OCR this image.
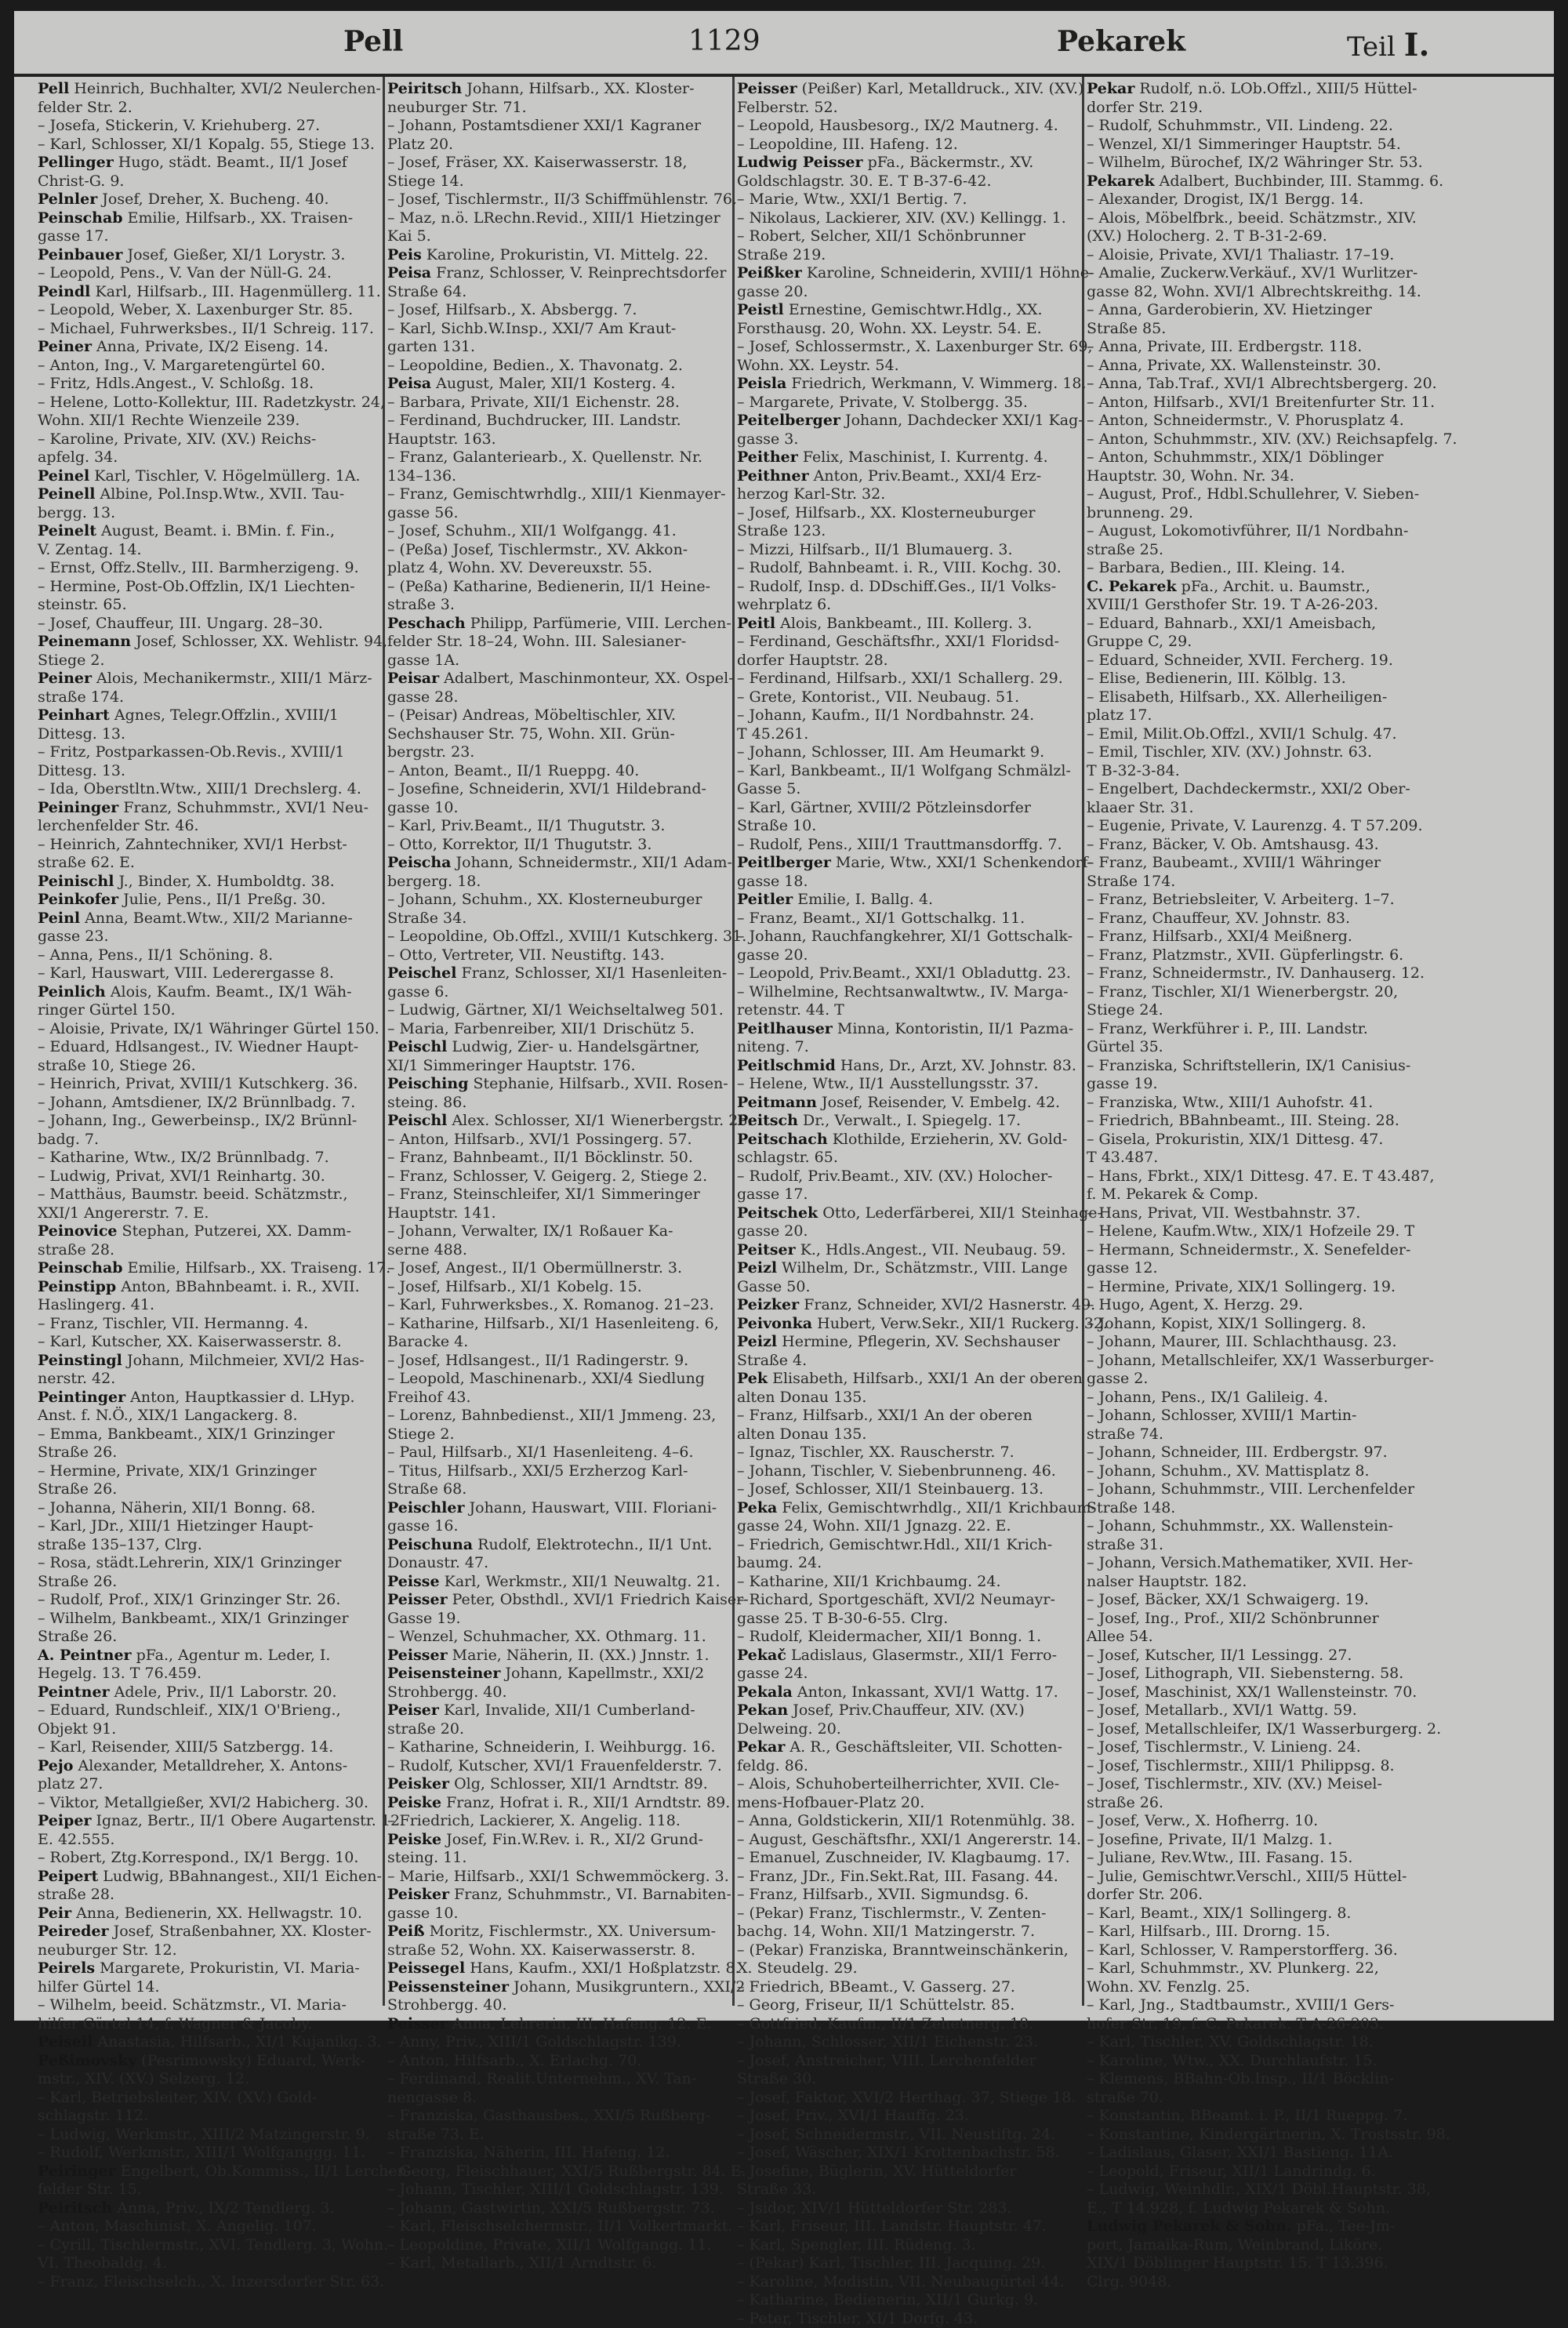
Pell	1129	Pekarek	Teil I.
Pell Heinrich, Buchhalter, XVI/2 Neulerchen-
felder Str. 2.
– Josefa, Stickerin, V. Kriehuberg. 27.
– Karl, Schlosser, XI/1 Kopalg. 55, Stiege 13.
Pellinger Hugo, städt. Beamt., II/1 Josef
Christ-G. 9.
Pelnler Josef, Dreher, X. Bucheng. 40.
Peinschab Emilie, Hilfsarb., XX. Traisen-
gasse 17.
Peinbauer Josef, Gießer, XI/1 Lorystr. 3.
– Leopold, Pens., V. Van der Nüll-G. 24.
Peindl Karl, Hilfsarb., III. Hagenmüllerg. 11.
– Leopold, Weber, X. Laxenburger Str. 85.
– Michael, Fuhrwerksbes., II/1 Schreig. 117.
Peiner Anna, Private, IX/2 Eiseng. 14.
– Anton, Ing., V. Margaretengürtel 60.
– Fritz, Hdls.Angest., V. Schloßg. 18.
– Helene, Lotto-Kollektur, III. Radetzkystr. 24,
Wohn. XII/1 Rechte Wienzeile 239.
– Karoline, Private, XIV. (XV.) Reichs-
apfelg. 34.
Peinel Karl, Tischler, V. Högelmüllerg. 1A.
Peinell Albine, Pol.Insp.Wtw., XVII. Tau-
bergg. 13.
Peinelt August, Beamt. i. BMin. f. Fin.,
V. Zentag. 14.
– Ernst, Offz.Stellv., III. Barmherzigeng. 9.
– Hermine, Post-Ob.Offzlin, IX/1 Liechten-
steinstr. 65.
– Josef, Chauffeur, III. Ungarg. 28–30.
Peinemann Josef, Schlosser, XX. Wehlistr. 94,
Stiege 2.
Peiner Alois, Mechanikermstr., XIII/1 März-
straße 174.
Peinhart Agnes, Telegr.Offzlin., XVIII/1
Dittesg. 13.
– Fritz, Postparkassen-Ob.Revis., XVIII/1
Dittesg. 13.
– Ida, Oberstltn.Wtw., XIII/1 Drechslerg. 4.
Peininger Franz, Schuhmmstr., XVI/1 Neu-
lerchenfelder Str. 46.
– Heinrich, Zahntechniker, XVI/1 Herbst-
straße 62. E.
Peinischl J., Binder, X. Humboldtg. 38.
Peinkofer Julie, Pens., II/1 Preßg. 30.
Peinl Anna, Beamt.Wtw., XII/2 Marianne-
gasse 23.
– Anna, Pens., II/1 Schöning. 8.
– Karl, Hauswart, VIII. Lederergasse 8.
Peinlich Alois, Kaufm. Beamt., IX/1 Wäh-
ringer Gürtel 150.
– Aloisie, Private, IX/1 Währinger Gürtel 150.
– Eduard, Hdlsangest., IV. Wiedner Haupt-
straße 10, Stiege 26.
– Heinrich, Privat, XVIII/1 Kutschkerg. 36.
– Johann, Amtsdiener, IX/2 Brünnlbadg. 7.
– Johann, Ing., Gewerbeinsp., IX/2 Brünnl-
badg. 7.
– Katharine, Wtw., IX/2 Brünnlbadg. 7.
– Ludwig, Privat, XVI/1 Reinhartg. 30.
– Matthäus, Baumstr. beeid. Schätzmstr.,
XXI/1 Angererstr. 7. E.
Peinovice Stephan, Putzerei, XX. Damm-
straße 28.
Peinschab Emilie, Hilfsarb., XX. Traiseng. 17.
Peinstipp Anton, BBahnbeamt. i. R., XVII.
Haslingerg. 41.
– Franz, Tischler, VII. Hermanng. 4.
– Karl, Kutscher, XX. Kaiserwasserstr. 8.
Peinstingl Johann, Milchmeier, XVI/2 Has-
nerstr. 42.
Peintinger Anton, Hauptkassier d. LHyp.
Anst. f. N.Ö., XIX/1 Langackerg. 8.
– Emma, Bankbeamt., XIX/1 Grinzinger
Straße 26.
– Hermine, Private, XIX/1 Grinzinger
Straße 26.
– Johanna, Näherin, XII/1 Bonng. 68.
– Karl, JDr., XIII/1 Hietzinger Haupt-
straße 135–137, Clrg.
– Rosa, städt.Lehrerin, XIX/1 Grinzinger
Straße 26.
– Rudolf, Prof., XIX/1 Grinzinger Str. 26.
– Wilhelm, Bankbeamt., XIX/1 Grinzinger
Straße 26.
A. Peintner pFa., Agentur m. Leder, I.
Hegelg. 13. T 76.459.
Peintner Adele, Priv., II/1 Laborstr. 20.
– Eduard, Rundschleif., XIX/1 O'Brieng.,
Objekt 91.
– Karl, Reisender, XIII/5 Satzbergg. 14.
Pejo Alexander, Metalldreher, X. Antons-
platz 27.
– Viktor, Metallgießer, XVI/2 Habicherg. 30.
Peiper Ignaz, Bertr., II/1 Obere Augartenstr. 12.
E. 42.555.
– Robert, Ztg.Korrespond., IX/1 Bergg. 10.
Peipert Ludwig, BBahnangest., XII/1 Eichen-
straße 28.
Peir Anna, Bedienerin, XX. Hellwagstr. 10.
Peireder Josef, Straßenbahner, XX. Kloster-
neuburger Str. 12.
Peirels Margarete, Prokuristin, VI. Maria-
hilfer Gürtel 14.
– Wilhelm, beeid. Schätzmstr., VI. Maria-
hilfer Gürtel 14, f. Wagner & Jacoby.
Peiseil Anastasia, Hilfsarb., XI/1 Kujanikg. 3.
Peßimovsky (Pesrimowsky) Eduard, Werk-
mstr., XIV. (XV.) Selzerg. 12.
– Karl, Betriebsleiter, XIV. (XV.) Gold-
schlagstr. 112.
– Ludwig, Werkmstr., XIII/2 Matzingerstr. 9.
– Rudolf, Werkmstr., XIII/1 Wolfganggg. 11.
Peiringer Engelbert, Ob.Kommiss., II/1 Lerchen-
felder Str. 15.
Peiritsch Anna, Priv., IX/2 Tendlerg. 3.
– Anton, Maschinist, X. Angelig. 107.
– Cyrill, Tischlermstr., XVI. Tendlerg. 3, Wohn.
VI. Theobaldg. 4.
– Franz, Fleischselch., X. Inzersdorfer Str. 63.
Peiritsch Johann, Hilfsarb., XX. Kloster-
neuburger Str. 71.
– Johann, Postamtsdiener XXI/1 Kagraner
Platz 20.
– Josef, Fräser, XX. Kaiserwasserstr. 18,
Stiege 14.
– Josef, Tischlermstr., II/3 Schiffmühlenstr. 76.
– Maz, n.ö. LRechn.Revid., XIII/1 Hietzinger
Kai 5.
Peis Karoline, Prokuristin, VI. Mittelg. 22.
Peisa Franz, Schlosser, V. Reinprechtsdorfer
Straße 64.
– Josef, Hilfsarb., X. Absbergg. 7.
– Karl, Sichb.W.Insp., XXI/7 Am Kraut-
garten 131.
– Leopoldine, Bedien., X. Thavonatg. 2.
Peisa August, Maler, XII/1 Kosterg. 4.
– Barbara, Private, XII/1 Eichenstr. 28.
– Ferdinand, Buchdrucker, III. Landstr.
Hauptstr. 163.
– Franz, Galanteriearb., X. Quellenstr. Nr.
134–136.
– Franz, Gemischtwrhdlg., XIII/1 Kienmayer-
gasse 56.
– Josef, Schuhm., XII/1 Wolfgangg. 41.
– (Peßa) Josef, Tischlermstr., XV. Akkon-
platz 4, Wohn. XV. Devereuxstr. 55.
– (Peßa) Katharine, Bedienerin, II/1 Heine-
straße 3.
Peschach Philipp, Parfümerie, VIII. Lerchen-
felder Str. 18–24, Wohn. III. Salesianer-
gasse 1A.
Peisar Adalbert, Maschinmonteur, XX. Ospel-
gasse 28.
– (Peisar) Andreas, Möbeltischler, XIV.
Sechshauser Str. 75, Wohn. XII. Grün-
bergstr. 23.
– Anton, Beamt., II/1 Rueppg. 40.
– Josefine, Schneiderin, XVI/1 Hildebrand-
gasse 10.
– Karl, Priv.Beamt., II/1 Thugutstr. 3.
– Otto, Korrektor, II/1 Thugutstr. 3.
Peischa Johann, Schneidermstr., XII/1 Adam-
bergerg. 18.
– Johann, Schuhm., XX. Klosterneuburger
Straße 34.
– Leopoldine, Ob.Offzl., XVIII/1 Kutschkerg. 31.
– Otto, Vertreter, VII. Neustiftg. 143.
Peischel Franz, Schlosser, XI/1 Hasenleiten-
gasse 6.
– Ludwig, Gärtner, XI/1 Weichseltalweg 501.
– Maria, Farbenreiber, XII/1 Drischütz 5.
Peischl Ludwig, Zier- u. Handelsgärtner,
XI/1 Simmeringer Hauptstr. 176.
Peisching Stephanie, Hilfsarb., XVII. Rosen-
steing. 86.
Peischl Alex. Schlosser, XI/1 Wienerbergstr. 26.
– Anton, Hilfsarb., XVI/1 Possingerg. 57.
– Franz, Bahnbeamt., II/1 Böcklinstr. 50.
– Franz, Schlosser, V. Geigerg. 2, Stiege 2.
– Franz, Steinschleifer, XI/1 Simmeringer
Hauptstr. 141.
– Johann, Verwalter, IX/1 Roßauer Ka-
serne 488.
– Josef, Angest., II/1 Obermüllnerstr. 3.
– Josef, Hilfsarb., XI/1 Kobelg. 15.
– Karl, Fuhrwerksbes., X. Romanog. 21–23.
– Katharine, Hilfsarb., XI/1 Hasenleiteng. 6,
Baracke 4.
– Josef, Hdlsangest., II/1 Radingerstr. 9.
– Leopold, Maschinenarb., XXI/4 Siedlung
Freihof 43.
– Lorenz, Bahnbedienst., XII/1 Jmmeng. 23,
Stiege 2.
– Paul, Hilfsarb., XI/1 Hasenleiteng. 4–6.
– Titus, Hilfsarb., XXI/5 Erzherzog Karl-
Straße 68.
Peischler Johann, Hauswart, VIII. Floriani-
gasse 16.
Peischuna Rudolf, Elektrotechn., II/1 Unt.
Donaustr. 47.
Peisse Karl, Werkmstr., XII/1 Neuwaltg. 21.
Peisser Peter, Obsthdl., XVI/1 Friedrich Kaiser-
Gasse 19.
– Wenzel, Schuhmacher, XX. Othmarg. 11.
Peisser Marie, Näherin, II. (XX.) Jnnstr. 1.
Peisensteiner Johann, Kapellmstr., XXI/2
Strohbergg. 40.
Peiser Karl, Invalide, XII/1 Cumberland-
straße 20.
– Katharine, Schneiderin, I. Weihburgg. 16.
– Rudolf, Kutscher, XVI/1 Frauenfelderstr. 7.
Peisker Olg, Schlosser, XII/1 Arndtstr. 89.
Peiske Franz, Hofrat i. R., XII/1 Arndtstr. 89.
– Friedrich, Lackierer, X. Angelig. 118.
Peiske Josef, Fin.W.Rev. i. R., XI/2 Grund-
steing. 11.
– Marie, Hilfsarb., XXI/1 Schwemmöckerg. 3.
Peisker Franz, Schuhmmstr., VI. Barnabiten-
gasse 10.
Peiß Moritz, Fischlermstr., XX. Universum-
straße 52, Wohn. XX. Kaiserwasserstr. 8.
Peissegel Hans, Kaufm., XXI/1 Hoßplatzstr. 8.
Peissensteiner Johann, Musikgruntern., XXI/2
Strohbergg. 40.
Peisser Anna, Lehrerin, III. Hafeng. 12. E.
– Anny, Priv., XIII/1 Goldschlagstr. 139.
– Anton, Hilfsarb., X. Erlachg. 70.
– Ferdinand, Realit.Unternehm., XV. Tan-
nengasse 8.
– Franziska, Gasthausbes., XXI/5 Rußberg-
straße 73. E.
– Franziska, Näherin, III. Hafeng. 12.
– Georg, Fleischhauer, XXI/5 Rußbergstr. 84. E.
– Johann, Tischler, XIII/1 Goldschlagstr. 139.
– Johann, Gastwirtin, XXI/5 Rußbergstr. 73.
– Karl, Fleischselchermstr., II/1 Volkertmarkt.
– Leopoldine, Private, XII/1 Wolfgangg. 11.
– Karl, Metallarb., XII/1 Arndtstr. 6.
Peisser (Peißer) Karl, Metalldruck., XIV. (XV.)
Felberstr. 52.
– Leopold, Hausbesorg., IX/2 Mautnerg. 4.
– Leopoldine, III. Hafeng. 12.
Ludwig Peisser pFa., Bäckermstr., XV.
Goldschlagstr. 30. E. T B-37-6-42.
– Marie, Wtw., XXI/1 Bertig. 7.
– Nikolaus, Lackierer, XIV. (XV.) Kellingg. 1.
– Robert, Selcher, XII/1 Schönbrunner
Straße 219.
Peißker Karoline, Schneiderin, XVIII/1 Höhne-
gasse 20.
Peistl Ernestine, Gemischtwr.Hdlg., XX.
Forsthausg. 20, Wohn. XX. Leystr. 54. E.
– Josef, Schlossermstr., X. Laxenburger Str. 69,
Wohn. XX. Leystr. 54.
Peisla Friedrich, Werkmann, V. Wimmerg. 18.
– Margarete, Private, V. Stolbergg. 35.
Peitelberger Johann, Dachdecker XXI/1 Kag-
gasse 3.
Peither Felix, Maschinist, I. Kurrentg. 4.
Peithner Anton, Priv.Beamt., XXI/4 Erz-
herzog Karl-Str. 32.
– Josef, Hilfsarb., XX. Klosterneuburger
Straße 123.
– Mizzi, Hilfsarb., II/1 Blumauerg. 3.
– Rudolf, Bahnbeamt. i. R., VIII. Kochg. 30.
– Rudolf, Insp. d. DDschiff.Ges., II/1 Volks-
wehrplatz 6.
Peitl Alois, Bankbeamt., III. Kollerg. 3.
– Ferdinand, Geschäftsfhr., XXI/1 Floridsd-
dorfer Hauptstr. 28.
– Ferdinand, Hilfsarb., XXI/1 Schallerg. 29.
– Grete, Kontorist., VII. Neubaug. 51.
– Johann, Kaufm., II/1 Nordbahnstr. 24.
T 45.261.
– Johann, Schlosser, III. Am Heumarkt 9.
– Karl, Bankbeamt., II/1 Wolfgang Schmälzl-
Gasse 5.
– Karl, Gärtner, XVIII/2 Pötzleinsdorfer
Straße 10.
– Rudolf, Pens., XIII/1 Trauttmansdorffg. 7.
Peitlberger Marie, Wtw., XXI/1 Schenkendorf-
gasse 18.
Peitler Emilie, I. Ballg. 4.
– Franz, Beamt., XI/1 Gottschalkg. 11.
– Johann, Rauchfangkehrer, XI/1 Gottschalk-
gasse 20.
– Leopold, Priv.Beamt., XXI/1 Obladuttg. 23.
– Wilhelmine, Rechtsanwaltwtw., IV. Marga-
retenstr. 44. T
Peitlhauser Minna, Kontoristin, II/1 Pazma-
niteng. 7.
Peitlschmid Hans, Dr., Arzt, XV. Johnstr. 83.
– Helene, Wtw., II/1 Ausstellungsstr. 37.
Peitmann Josef, Reisender, V. Embelg. 42.
Peitsch Dr., Verwalt., I. Spiegelg. 17.
Peitschach Klothilde, Erzieherin, XV. Gold-
schlagstr. 65.
– Rudolf, Priv.Beamt., XIV. (XV.) Holocher-
gasse 17.
Peitschek Otto, Lederfärberei, XII/1 Steinhage-
gasse 20.
Peitser K., Hdls.Angest., VII. Neubaug. 59.
Peizl Wilhelm, Dr., Schätzmstr., VIII. Lange
Gasse 50.
Peizker Franz, Schneider, XVI/2 Hasnerstr. 49.
Peivonka Hubert, Verw.Sekr., XII/1 Ruckerg. 32.
Peizl Hermine, Pflegerin, XV. Sechshauser
Straße 4.
Pek Elisabeth, Hilfsarb., XXI/1 An der oberen
alten Donau 135.
– Franz, Hilfsarb., XXI/1 An der oberen
alten Donau 135.
– Ignaz, Tischler, XX. Rauscherstr. 7.
– Johann, Tischler, V. Siebenbrunneng. 46.
– Josef, Schlosser, XII/1 Steinbauerg. 13.
Peka Felix, Gemischtwrhdlg., XII/1 Krichbaum-
gasse 24, Wohn. XII/1 Jgnazg. 22. E.
– Friedrich, Gemischtwr.Hdl., XII/1 Krich-
baumg. 24.
– Katharine, XII/1 Krichbaumg. 24.
– Richard, Sportgeschäft, XVI/2 Neumayr-
gasse 25. T B-30-6-55. Clrg.
– Rudolf, Kleidermacher, XII/1 Bonng. 1.
Pekač Ladislaus, Glasermstr., XII/1 Ferro-
gasse 24.
Pekala Anton, Inkassant, XVI/1 Wattg. 17.
Pekan Josef, Priv.Chauffeur, XIV. (XV.)
Delweing. 20.
Pekar A. R., Geschäftsleiter, VII. Schotten-
feldg. 86.
– Alois, Schuhoberteilherrichter, XVII. Cle-
mens-Hofbauer-Platz 20.
– Anna, Goldstickerin, XII/1 Rotenmühlg. 38.
– August, Geschäftsfhr., XXI/1 Angererstr. 14.
– Emanuel, Zuschneider, IV. Klagbaumg. 17.
– Franz, JDr., Fin.Sekt.Rat, III. Fasang. 44.
– Franz, Hilfsarb., XVII. Sigmundsg. 6.
– (Pekar) Franz, Tischlermstr., V. Zenten-
bachg. 14, Wohn. XII/1 Matzingerstr. 7.
– (Pekar) Franziska, Branntweinschänkerin,
X. Steudelg. 29.
– Friedrich, BBeamt., V. Gasserg. 27.
– Georg, Friseur, II/1 Schüttelstr. 85.
– Gottfried, Kaufm., II/1 Zehetnerg. 18.
– Johann, Schlosser, XII/1 Eichenstr. 23.
– Josef, Anstreicher, VIII. Lerchenfelder
Straße 30.
– Josef, Faktor, XVI/2 Herthag. 37, Stiege 18.
– Josef, Priv., XVI/1 Hauffg. 23.
– Josef, Schneidermstr., VII. Neustiftg. 24.
– Josef, Wäscher, XIX/1 Krottenbachstr. 58.
– Josefine, Büglerin, XV. Hütteldorfer
Straße 33.
– Jsidor, XIV/1 Hütteldorfer Str. 283.
– Karl, Friseur, III. Landstr. Hauptstr. 47.
– Karl, Spengler, III. Rüdeng. 3.
– (Pekar) Karl, Tischler, III. Jacquing. 29.
– Karoline, Modistin, VII. Neubaugürtel 44.
– Katharine, Bedienerin, XII/1 Gurkg. 9.
– Peter, Tischler, XI/1 Dorfg. 43.
Pekar Rudolf, n.ö. LOb.Offzl., XIII/5 Hüttel-
dorfer Str. 219.
– Rudolf, Schuhmmstr., VII. Lindeng. 22.
– Wenzel, XI/1 Simmeringer Hauptstr. 54.
– Wilhelm, Bürochef, IX/2 Währinger Str. 53.
Pekarek Adalbert, Buchbinder, III. Stammg. 6.
– Alexander, Drogist, IX/1 Bergg. 14.
– Alois, Möbelfbrk., beeid. Schätzmstr., XIV.
(XV.) Holocherg. 2. T B-31-2-69.
– Aloisie, Private, XVI/1 Thaliastr. 17–19.
– Amalie, Zuckerw.Verkäuf., XV/1 Wurlitzer-
gasse 82, Wohn. XVI/1 Albrechtskreithg. 14.
– Anna, Garderobierin, XV. Hietzinger
Straße 85.
– Anna, Private, III. Erdbergstr. 118.
– Anna, Private, XX. Wallensteinstr. 30.
– Anna, Tab.Traf., XVI/1 Albrechtsbergerg. 20.
– Anton, Hilfsarb., XVI/1 Breitenfurter Str. 11.
– Anton, Schneidermstr., V. Phorusplatz 4.
– Anton, Schuhmmstr., XIV. (XV.) Reichsapfelg. 7.
– Anton, Schuhmmstr., XIX/1 Döblinger
Hauptstr. 30, Wohn. Nr. 34.
– August, Prof., Hdbl.Schullehrer, V. Sieben-
brunneng. 29.
– August, Lokomotivführer, II/1 Nordbahn-
straße 25.
– Barbara, Bedien., III. Kleing. 14.
C. Pekarek pFa., Archit. u. Baumstr.,
XVIII/1 Gersthofer Str. 19. T A-26-203.
– Eduard, Bahnarb., XXI/1 Ameisbach,
Gruppe C, 29.
– Eduard, Schneider, XVII. Fercherg. 19.
– Elise, Bedienerin, III. Kölblg. 13.
– Elisabeth, Hilfsarb., XX. Allerheiligen-
platz 17.
– Emil, Milit.Ob.Offzl., XVII/1 Schulg. 47.
– Emil, Tischler, XIV. (XV.) Johnstr. 63.
T B-32-3-84.
– Engelbert, Dachdeckermstr., XXI/2 Ober-
klaaer Str. 31.
– Eugenie, Private, V. Laurenzg. 4. T 57.209.
– Franz, Bäcker, V. Ob. Amtshausg. 43.
– Franz, Baubeamt., XVIII/1 Währinger
Straße 174.
– Franz, Betriebsleiter, V. Arbeiterg. 1–7.
– Franz, Chauffeur, XV. Johnstr. 83.
– Franz, Hilfsarb., XXI/4 Meißnerg.
– Franz, Platzmstr., XVII. Güpferlingstr. 6.
– Franz, Schneidermstr., IV. Danhauserg. 12.
– Franz, Tischler, XI/1 Wienerbergstr. 20,
Stiege 24.
– Franz, Werkführer i. P., III. Landstr.
Gürtel 35.
– Franziska, Schriftstellerin, IX/1 Canisius-
gasse 19.
– Franziska, Wtw., XIII/1 Auhofstr. 41.
– Friedrich, BBahnbeamt., III. Steing. 28.
– Gisela, Prokuristin, XIX/1 Dittesg. 47.
T 43.487.
– Hans, Fbrkt., XIX/1 Dittesg. 47. E. T 43.487,
f. M. Pekarek & Comp.
– Hans, Privat, VII. Westbahnstr. 37.
– Helene, Kaufm.Wtw., XIX/1 Hofzeile 29. T
– Hermann, Schneidermstr., X. Senefelder-
gasse 12.
– Hermine, Private, XIX/1 Sollingerg. 19.
– Hugo, Agent, X. Herzg. 29.
– Johann, Kopist, XIX/1 Sollingerg. 8.
– Johann, Maurer, III. Schlachthausg. 23.
– Johann, Metallschleifer, XX/1 Wasserburger-
gasse 2.
– Johann, Pens., IX/1 Galileig. 4.
– Johann, Schlosser, XVIII/1 Martin-
straße 74.
– Johann, Schneider, III. Erdbergstr. 97.
– Johann, Schuhm., XV. Mattisplatz 8.
– Johann, Schuhmmstr., VIII. Lerchenfelder
Straße 148.
– Johann, Schuhmmstr., XX. Wallenstein-
straße 31.
– Johann, Versich.Mathematiker, XVII. Her-
nalser Hauptstr. 182.
– Josef, Bäcker, XX/1 Schwaigerg. 19.
– Josef, Ing., Prof., XII/2 Schönbrunner
Allee 54.
– Josef, Kutscher, II/1 Lessingg. 27.
– Josef, Lithograph, VII. Siebensterng. 58.
– Josef, Maschinist, XX/1 Wallensteinstr. 70.
– Josef, Metallarb., XVI/1 Wattg. 59.
– Josef, Metallschleifer, IX/1 Wasserburgerg. 2.
– Josef, Tischlermstr., V. Linieng. 24.
– Josef, Tischlermstr., XIII/1 Philippsg. 8.
– Josef, Tischlermstr., XIV. (XV.) Meisel-
straße 26.
– Josef, Verw., X. Hofherrg. 10.
– Josefine, Private, II/1 Malzg. 1.
– Juliane, Rev.Wtw., III. Fasang. 15.
– Julie, Gemischtwr.Verschl., XIII/5 Hüttel-
dorfer Str. 206.
– Karl, Beamt., XIX/1 Sollingerg. 8.
– Karl, Hilfsarb., III. Drorng. 15.
– Karl, Schlosser, V. Ramperstorfferg. 36.
– Karl, Schuhmmstr., XV. Plunkerg. 22,
Wohn. XV. Fenzlg. 25.
– Karl, Jng., Stadtbaumstr., XVIII/1 Gers-
hofer Str. 19, f. C. Pekarek. T A-26-203.
– Karl, Tischler, XV. Goldschlagstr. 18.
– Karoline, Wtw., XX. Durchlaufstr. 15.
– Klemens, BBahn-Ob.Insp., II/1 Böcklin-
straße 70.
– Konstantin, BBeamt. i. P., II/1 Rueppg. 7.
– Konstantine, Kindergärtnerin, X. Trostsstr. 98.
– Ladislaus, Glaser, XXI/1 Bastieng. 11A.
– Leopold, Friseur, XII/1 Landrindg. 6.
– Ludwig, Weinhdlr., XIX/1 Döbl.Hauptstr. 38,
E., T 14.928, f. Ludwig Pekarek & Sohn.
Ludwig Pekarek & Sohn. pFa., Tee-Jm-
port, Jamaika-Rum, Weinbrand, Liköre.
XIX/1 Döblinger Hauptstr. 15. T 13.396.
Clrg. 9048.
